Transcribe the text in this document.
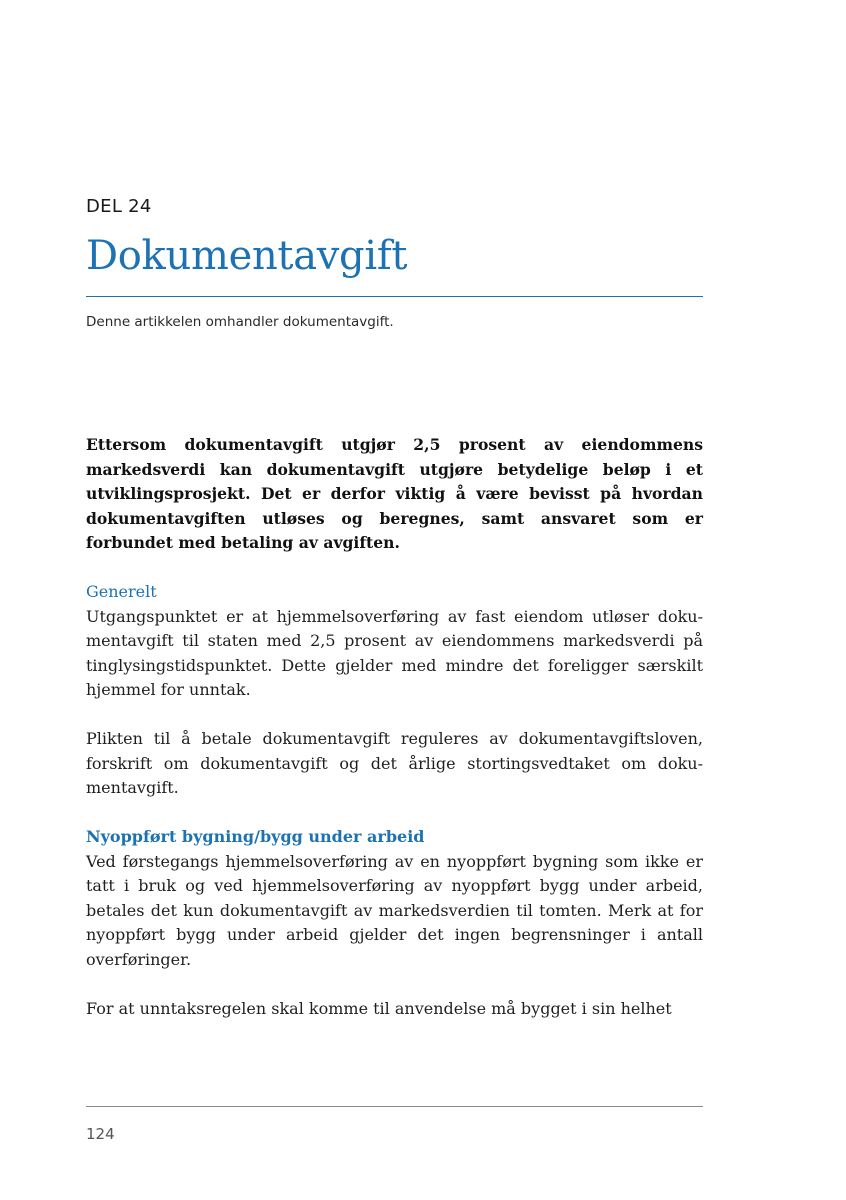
DEL 24
Dokumentavgift
Denne artikkelen omhandler dokumentavgift.

Ettersom dokumentavgift utgjør 2,5 prosent av eiendommens markedsverdi kan dokumentavgift utgjøre betydelige beløp i et utviklingsprosjekt. Det er derfor viktig å være bevisst på hvordan dokumentavgiften utløses og beregnes, samt ansvaret som er forbundet med betaling av avgiften.

Generelt
Utgangspunktet er at hjemmelsoverføring av fast eiendom utløser dokumentavgift til staten med 2,5 prosent av eiendommens markedsverdi på tinglysingstidspunktet. Dette gjelder med mindre det foreligger særskilt hjemmel for unntak.

Plikten til å betale dokumentavgift reguleres av dokumentavgiftsloven, forskrift om dokumentavgift og det årlige stortingsvedtaket om dokumentavgift.

Nyoppført bygning/bygg under arbeid
Ved førstegangs hjemmelsoverføring av en nyoppført bygning som ikke er tatt i bruk og ved hjemmelsoverføring av nyoppført bygg under arbeid, betales det kun dokumentavgift av markedsverdien til tomten. Merk at for nyoppført bygg under arbeid gjelder det ingen begrensninger i antall overføringer.

For at unntaksregelen skal komme til anvendelse må bygget i sin helhet

124
